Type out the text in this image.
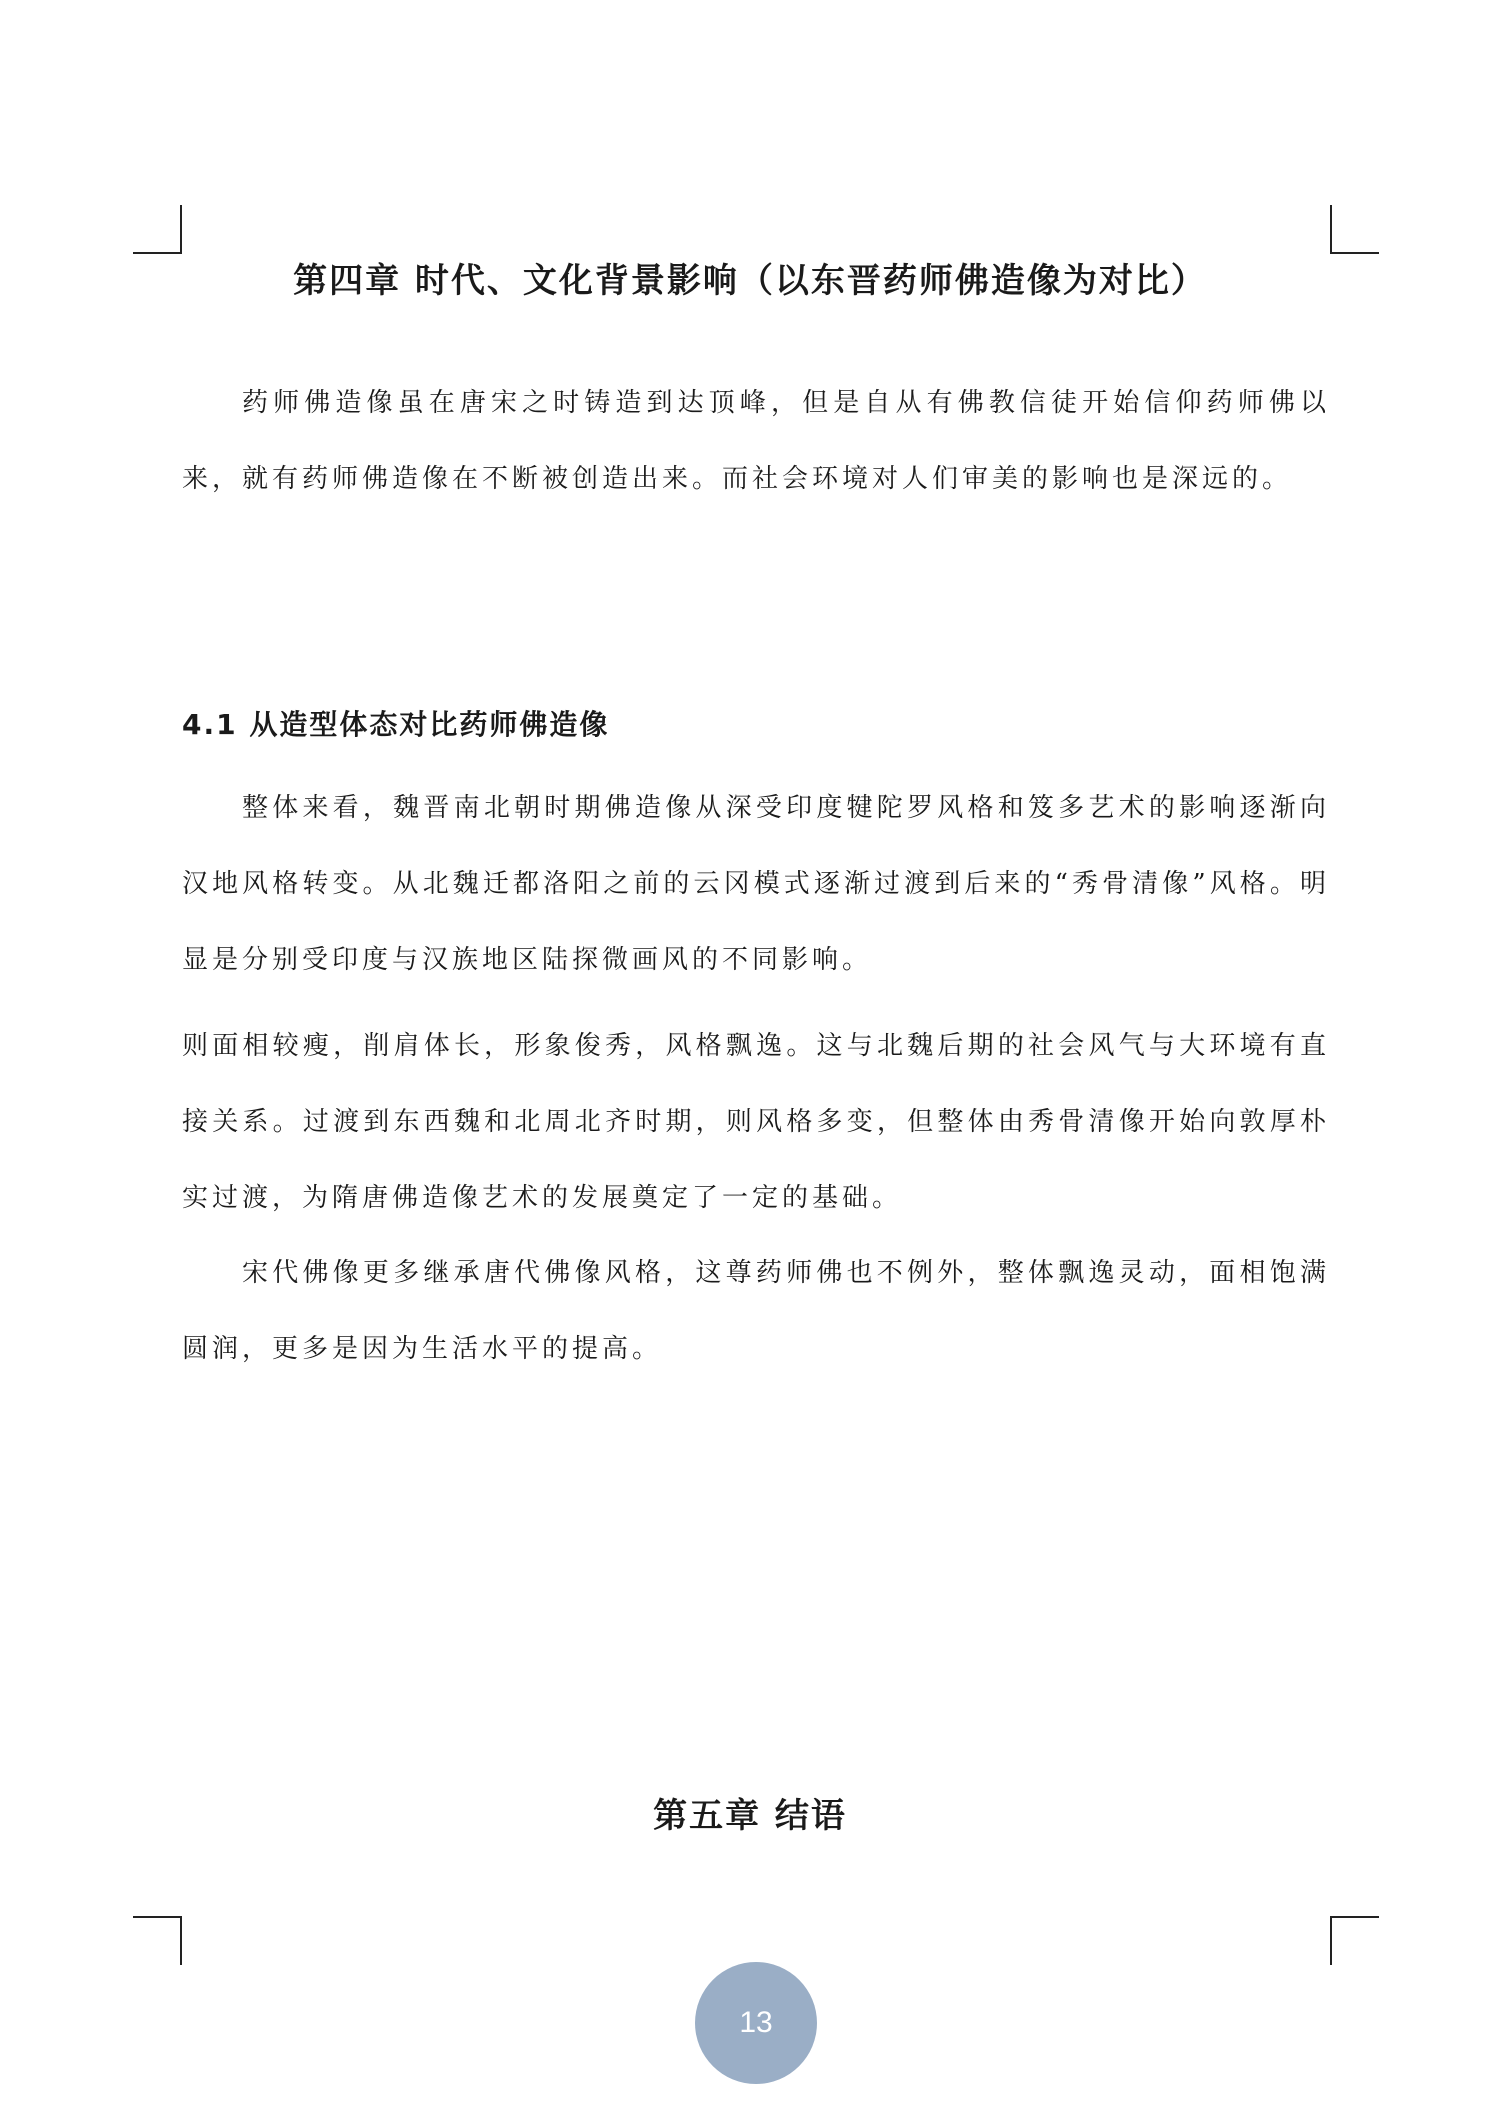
第四章 时代、文化背景影响（以东晋药师佛造像为对比）

药师佛造像虽在唐宋之时铸造到达顶峰，但是自从有佛教信徒开始信仰药师佛以来，就有药师佛造像在不断被创造出来。而社会环境对人们审美的影响也是深远的。

4.1 从造型体态对比药师佛造像

整体来看，魏晋南北朝时期佛造像从深受印度犍陀罗风格和笈多艺术的影响逐渐向汉地风格转变。从北魏迁都洛阳之前的云冈模式逐渐过渡到后来的“秀骨清像”风格。明显是分别受印度与汉族地区陆探微画风的不同影响。

则面相较瘦，削肩体长，形象俊秀，风格飘逸。这与北魏后期的社会风气与大环境有直接关系。过渡到东西魏和北周北齐时期，则风格多变，但整体由秀骨清像开始向敦厚朴实过渡，为隋唐佛造像艺术的发展奠定了一定的基础。

宋代佛像更多继承唐代佛像风格，这尊药师佛也不例外，整体飘逸灵动，面相饱满圆润，更多是因为生活水平的提高。

第五章 结语
13
